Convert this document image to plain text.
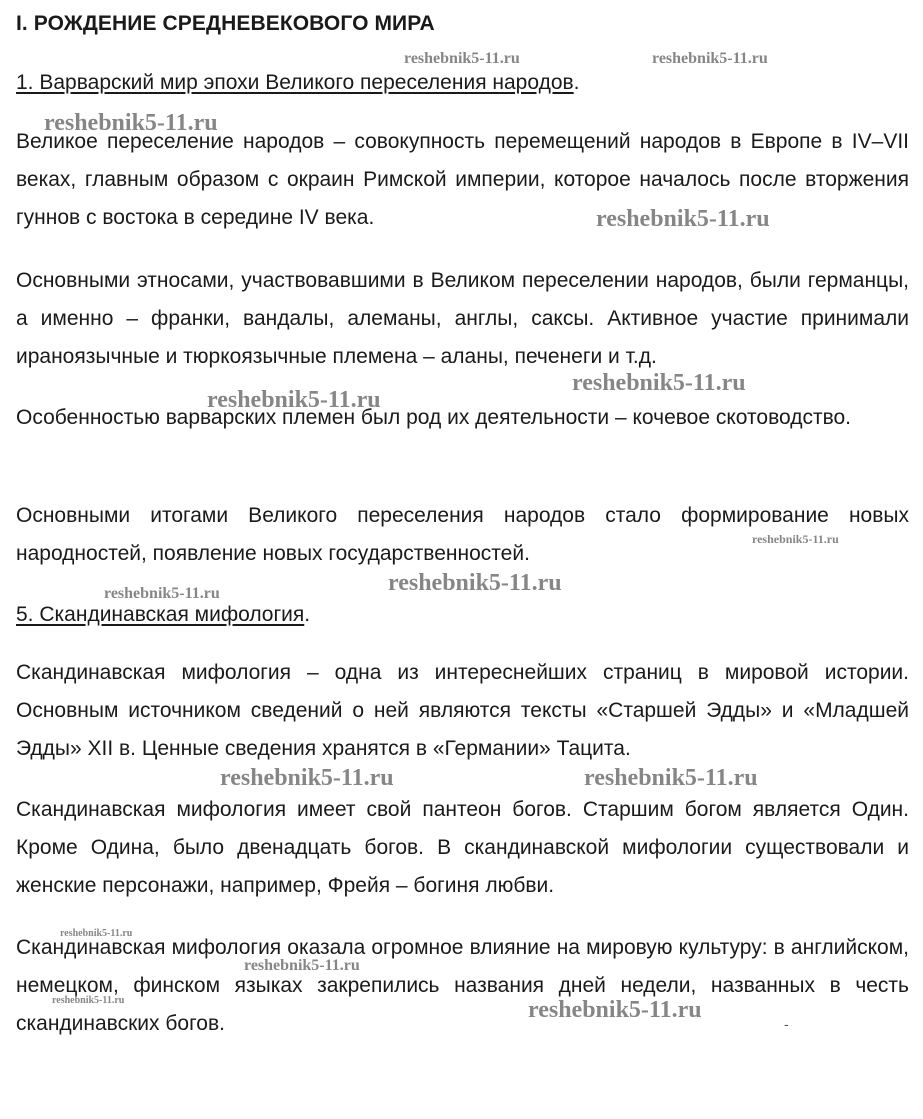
I. РОЖДЕНИЕ СРЕДНЕВЕКОВОГО МИРА
1. Варварский мир эпохи Великого переселения народов.
Великое переселение народов – совокупность перемещений народов в Европе в IV–VII веках, главным образом с окраин Римской империи, которое началось после вторжения гуннов с востока в середине IV века.
Основными этносами, участвовавшими в Великом переселении народов, были германцы, а именно – франки, вандалы, алеманы, англы, саксы. Активное участие принимали ираноязычные и тюркоязычные племена – аланы, печенеги и т.д.
Особенностью варварских племен был род их деятельности – кочевое скотоводство.
Основными итогами Великого переселения народов стало формирование новых народностей, появление новых государственностей.
5. Скандинавская мифология.
Скандинавская мифология – одна из интереснейших страниц в мировой истории. Основным источником сведений о ней являются тексты «Старшей Эдды» и «Младшей Эдды» XII в. Ценные сведения хранятся в «Германии» Тацита.
Скандинавская мифология имеет свой пантеон богов. Старшим богом является Один. Кроме Одина, было двенадцать богов. В скандинавской мифологии существовали и женские персонажи, например, Фрейя – богиня любви.
Скандинавская мифология оказала огромное влияние на мировую культуру: в английском, немецком, финском языках закрепились названия дней недели, названных в честь скандинавских богов.
reshebnik5-11.ru	reshebnik5-11.ru
reshebnik5-11.ru
reshebnik5-11.ru
reshebnik5-11.ru
reshebnik5-11.ru
reshebnik5-11.ru
reshebnik5-11.ru
reshebnik5-11.ru
reshebnik5-11.ru	reshebnik5-11.ru
reshebnik5-11.ru
reshebnik5-11.ru
reshebnik5-11.ru	reshebnik5-11.ru
-
